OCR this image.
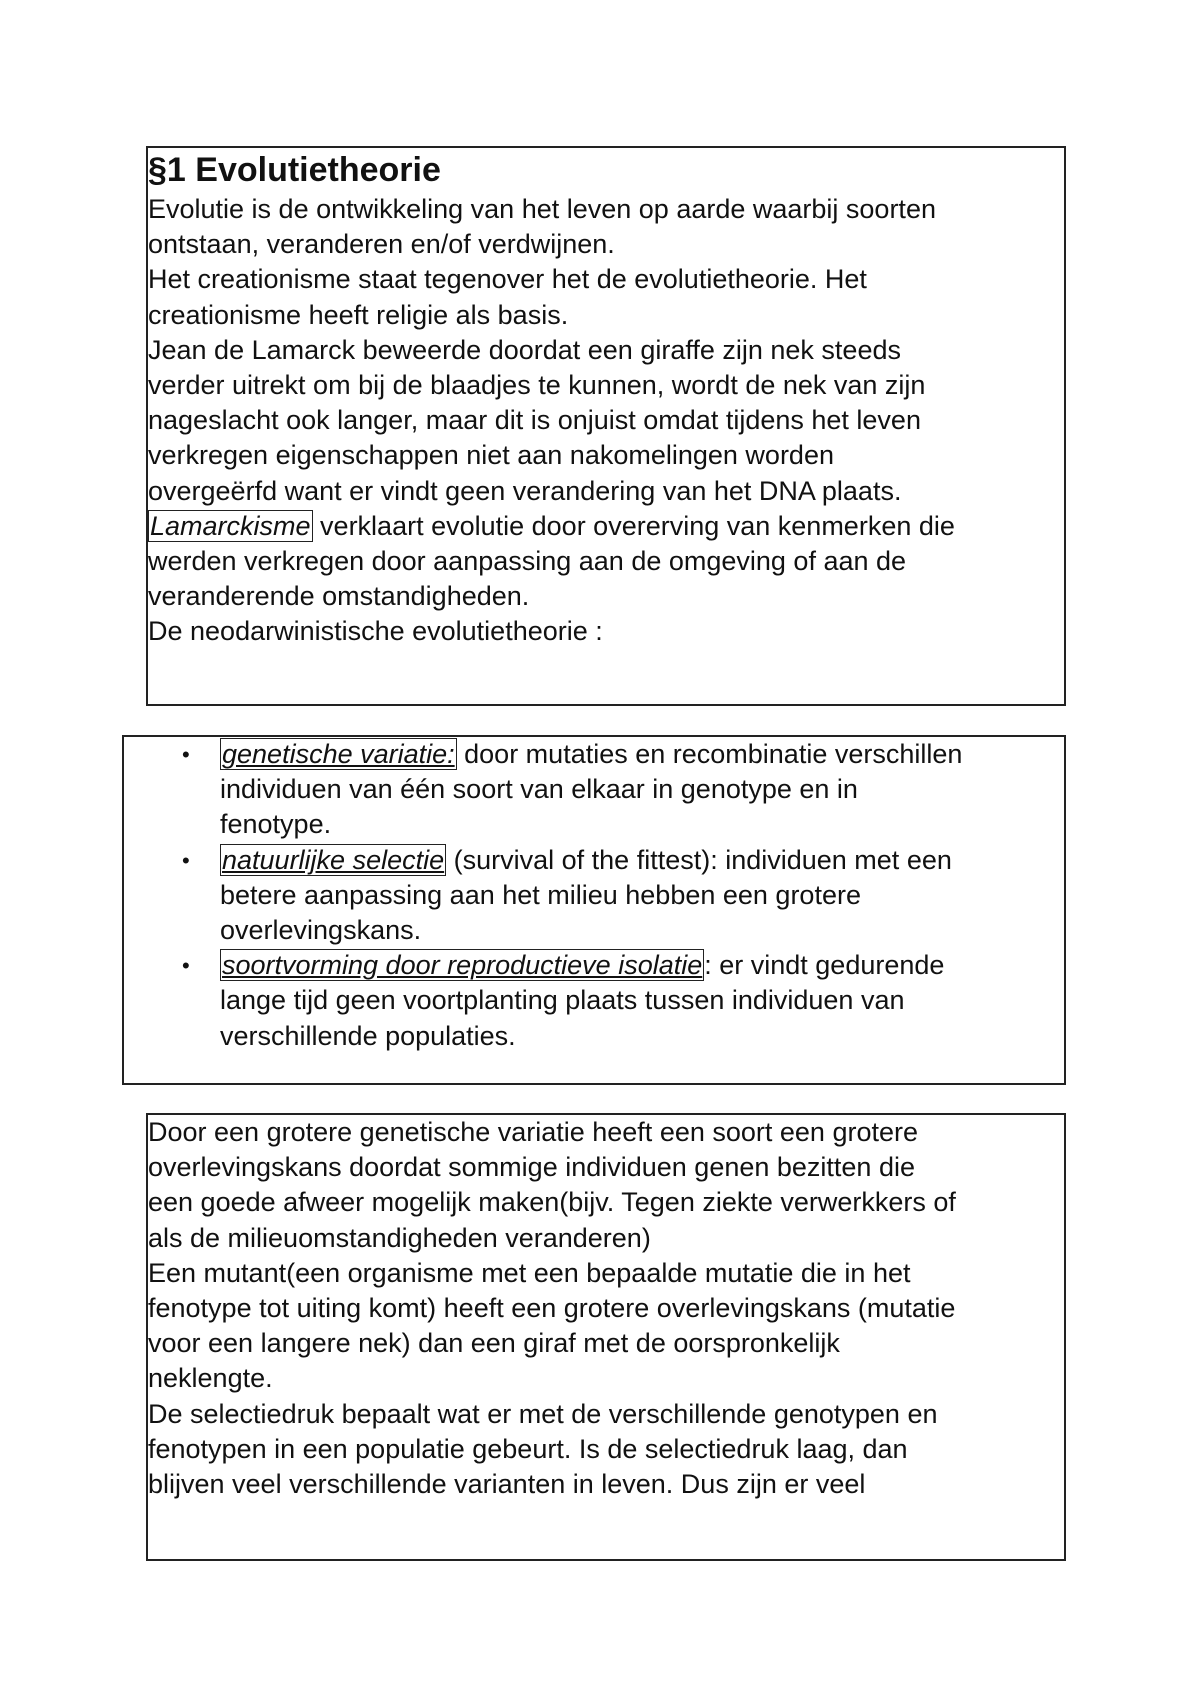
§1 Evolutietheorie
Evolutie is de ontwikkeling van het leven op aarde waarbij soorten
ontstaan, veranderen en/of verdwijnen.
Het creationisme staat tegenover het de evolutietheorie. Het
creationisme heeft religie als basis.
Jean de Lamarck beweerde doordat een giraffe zijn nek steeds
verder uitrekt om bij de blaadjes te kunnen, wordt de nek van zijn
nageslacht ook langer, maar dit is onjuist omdat tijdens het leven
verkregen eigenschappen niet aan nakomelingen worden
overgeërfd want er vindt geen verandering van het DNA plaats.
Lamarckisme verklaart evolutie door overerving van kenmerken die
werden verkregen door aanpassing aan de omgeving of aan de
veranderende omstandigheden.
De neodarwinistische evolutietheorie :
• genetische variatie: door mutaties en recombinatie verschillen
individuen van één soort van elkaar in genotype en in
fenotype.
• natuurlijke selectie (survival of the fittest): individuen met een
betere aanpassing aan het milieu hebben een grotere
overlevingskans.
• soortvorming door reproductieve isolatie: er vindt gedurende
lange tijd geen voortplanting plaats tussen individuen van
verschillende populaties.
Door een grotere genetische variatie heeft een soort een grotere
overlevingskans doordat sommige individuen genen bezitten die
een goede afweer mogelijk maken(bijv. Tegen ziekte verwerkkers of
als de milieuomstandigheden veranderen)
Een mutant(een organisme met een bepaalde mutatie die in het
fenotype tot uiting komt) heeft een grotere overlevingskans (mutatie
voor een langere nek) dan een giraf met de oorspronkelijk
neklengte.
De selectiedruk bepaalt wat er met de verschillende genotypen en
fenotypen in een populatie gebeurt. Is de selectiedruk laag, dan
blijven veel verschillende varianten in leven. Dus zijn er veel
